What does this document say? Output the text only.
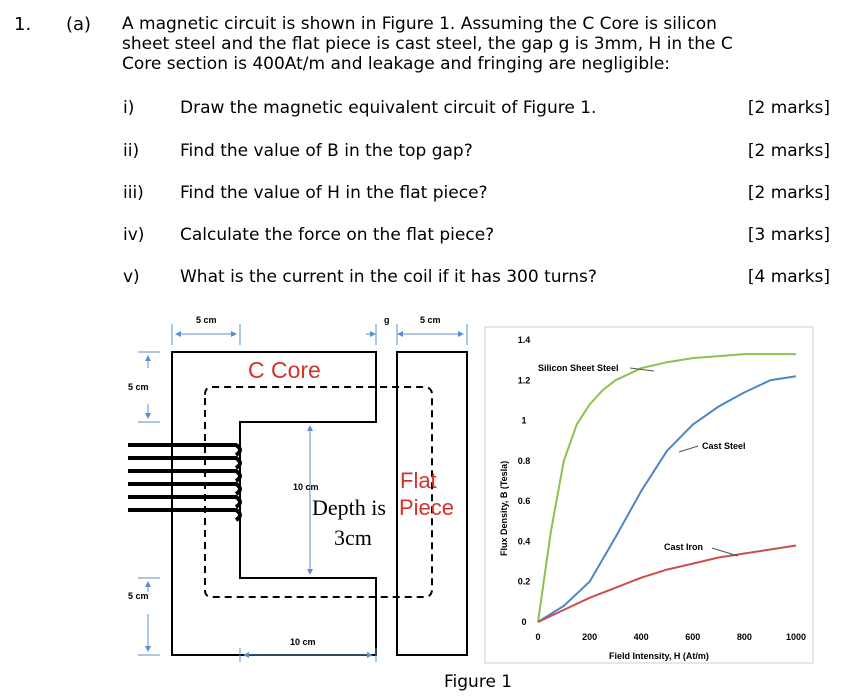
1. (a) A magnetic circuit is shown in Figure 1. Assuming the C Core is silicon
sheet steel and the flat piece is cast steel, the gap g is 3mm, H in the C
Core section is 400At/m and leakage and fringing are negligible:
i)	Draw the magnetic equivalent circuit of Figure 1.	[2 marks]
ii) Find the value of B in the top gap?	[2 marks]
iii) Find the value of H in the flat piece?	[2 marks]
iv) Calculate the force on the flat piece?	[3 marks]
v) What is the current in the coil if it has 300 turns?	[4 marks]
5 cm	g	5 cm
5 cm
5 cm
10 cm
10 cm
C Core
Flat
Piece
Depth is
3cm	Flux Density, B (Tesla)
Field Intensity, H (At/m)
0
0.2
0.4
0.6
0.8
1
1.2
1.4
0	200	400	600	800	1000
Silicon Sheet Steel
Cast Steel
Cast Iron
Figure 1
